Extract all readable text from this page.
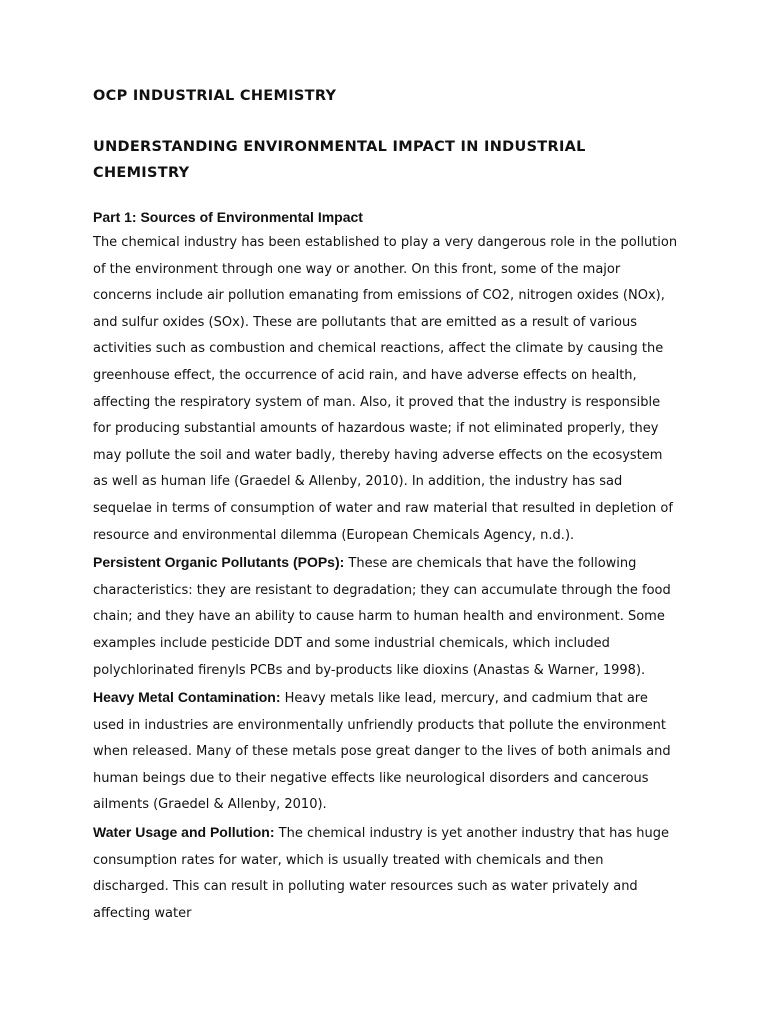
OCP INDUSTRIAL CHEMISTRY
UNDERSTANDING ENVIRONMENTAL IMPACT IN INDUSTRIAL CHEMISTRY
Part 1: Sources of Environmental Impact

The chemical industry has been established to play a very dangerous role in the pollution of the environment through one way or another. On this front, some of the major concerns include air pollution emanating from emissions of CO2, nitrogen oxides (NOx), and sulfur oxides (SOx). These are pollutants that are emitted as a result of various activities such as combustion and chemical reactions, affect the climate by causing the greenhouse effect, the occurrence of acid rain, and have adverse effects on health, affecting the respiratory system of man. Also, it proved that the industry is responsible for producing substantial amounts of hazardous waste; if not eliminated properly, they may pollute the soil and water badly, thereby having adverse effects on the ecosystem as well as human life (Graedel & Allenby, 2010). In addition, the industry has sad sequelae in terms of consumption of water and raw material that resulted in depletion of resource and environmental dilemma (European Chemicals Agency, n.d.).

Persistent Organic Pollutants (POPs): These are chemicals that have the following characteristics: they are resistant to degradation; they can accumulate through the food chain; and they have an ability to cause harm to human health and environment. Some examples include pesticide DDT and some industrial chemicals, which included polychlorinated firenyls PCBs and by-products like dioxins (Anastas & Warner, 1998).

Heavy Metal Contamination: Heavy metals like lead, mercury, and cadmium that are used in industries are environmentally unfriendly products that pollute the environment when released. Many of these metals pose great danger to the lives of both animals and human beings due to their negative effects like neurological disorders and cancerous ailments (Graedel & Allenby, 2010).

Water Usage and Pollution: The chemical industry is yet another industry that has huge consumption rates for water, which is usually treated with chemicals and then discharged. This can result in polluting water resources such as water privately and affecting water
